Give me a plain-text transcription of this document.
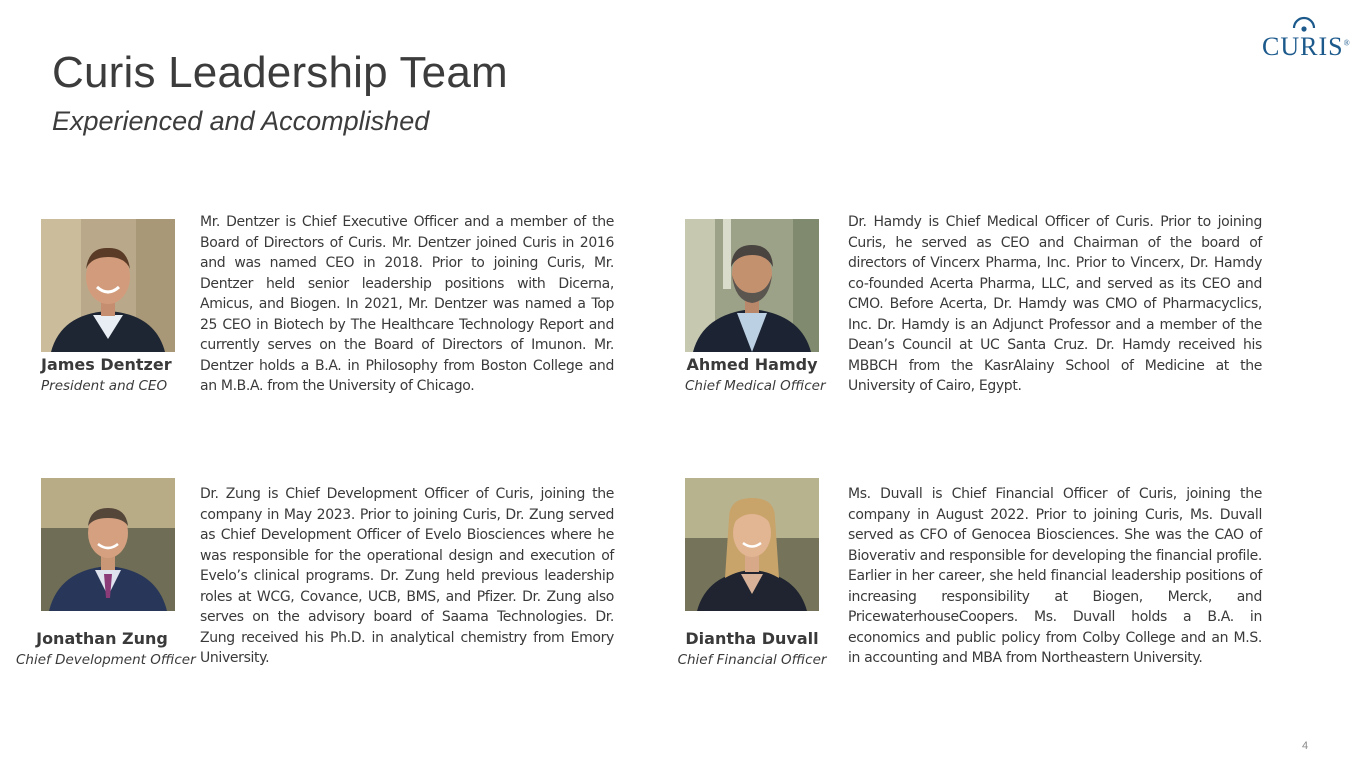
Curis Leadership Team
Experienced and Accomplished
CURIS®
James Dentzer
President and CEO
Mr. Dentzer is Chief Executive Officer and a member of the Board of Directors of Curis. Mr. Dentzer joined Curis in 2016 and was named CEO in 2018. Prior to joining Curis, Mr. Dentzer held senior leadership positions with Dicerna, Amicus, and Biogen. In 2021, Mr. Dentzer was named a Top 25 CEO in Biotech by The Healthcare Technology Report and currently serves on the Board of Directors of Imunon. Mr. Dentzer holds a B.A. in Philosophy from Boston College and an M.B.A. from the University of Chicago.
Ahmed Hamdy
Chief Medical Officer
Dr. Hamdy is Chief Medical Officer of Curis. Prior to joining Curis, he served as CEO and Chairman of the board of directors of Vincerx Pharma, Inc. Prior to Vincerx, Dr. Hamdy co-founded Acerta Pharma, LLC, and served as its CEO and CMO. Before Acerta, Dr. Hamdy was CMO of Pharmacyclics, Inc. Dr. Hamdy is an Adjunct Professor and a member of the Dean’s Council at UC Santa Cruz. Dr. Hamdy received his MBBCH from the KasrAlainy School of Medicine at the University of Cairo, Egypt.
Jonathan Zung
Chief Development Officer
Dr. Zung is Chief Development Officer of Curis, joining the company in May 2023. Prior to joining Curis, Dr. Zung served as Chief Development Officer of Evelo Biosciences where he was responsible for the operational design and execution of Evelo’s clinical programs. Dr. Zung held previous leadership roles at WCG, Covance, UCB, BMS, and Pfizer. Dr. Zung also serves on the advisory board of Saama Technologies. Dr. Zung received his Ph.D. in analytical chemistry from Emory University.
Diantha Duvall
Chief Financial Officer
Ms. Duvall is Chief Financial Officer of Curis, joining the company in August 2022. Prior to joining Curis, Ms. Duvall served as CFO of Genocea Biosciences. She was the CAO of Bioverativ and responsible for developing the financial profile. Earlier in her career, she held financial leadership positions of increasing responsibility at Biogen, Merck, and PricewaterhouseCoopers. Ms. Duvall holds a B.A. in economics and public policy from Colby College and an M.S. in accounting and MBA from Northeastern University.
4
